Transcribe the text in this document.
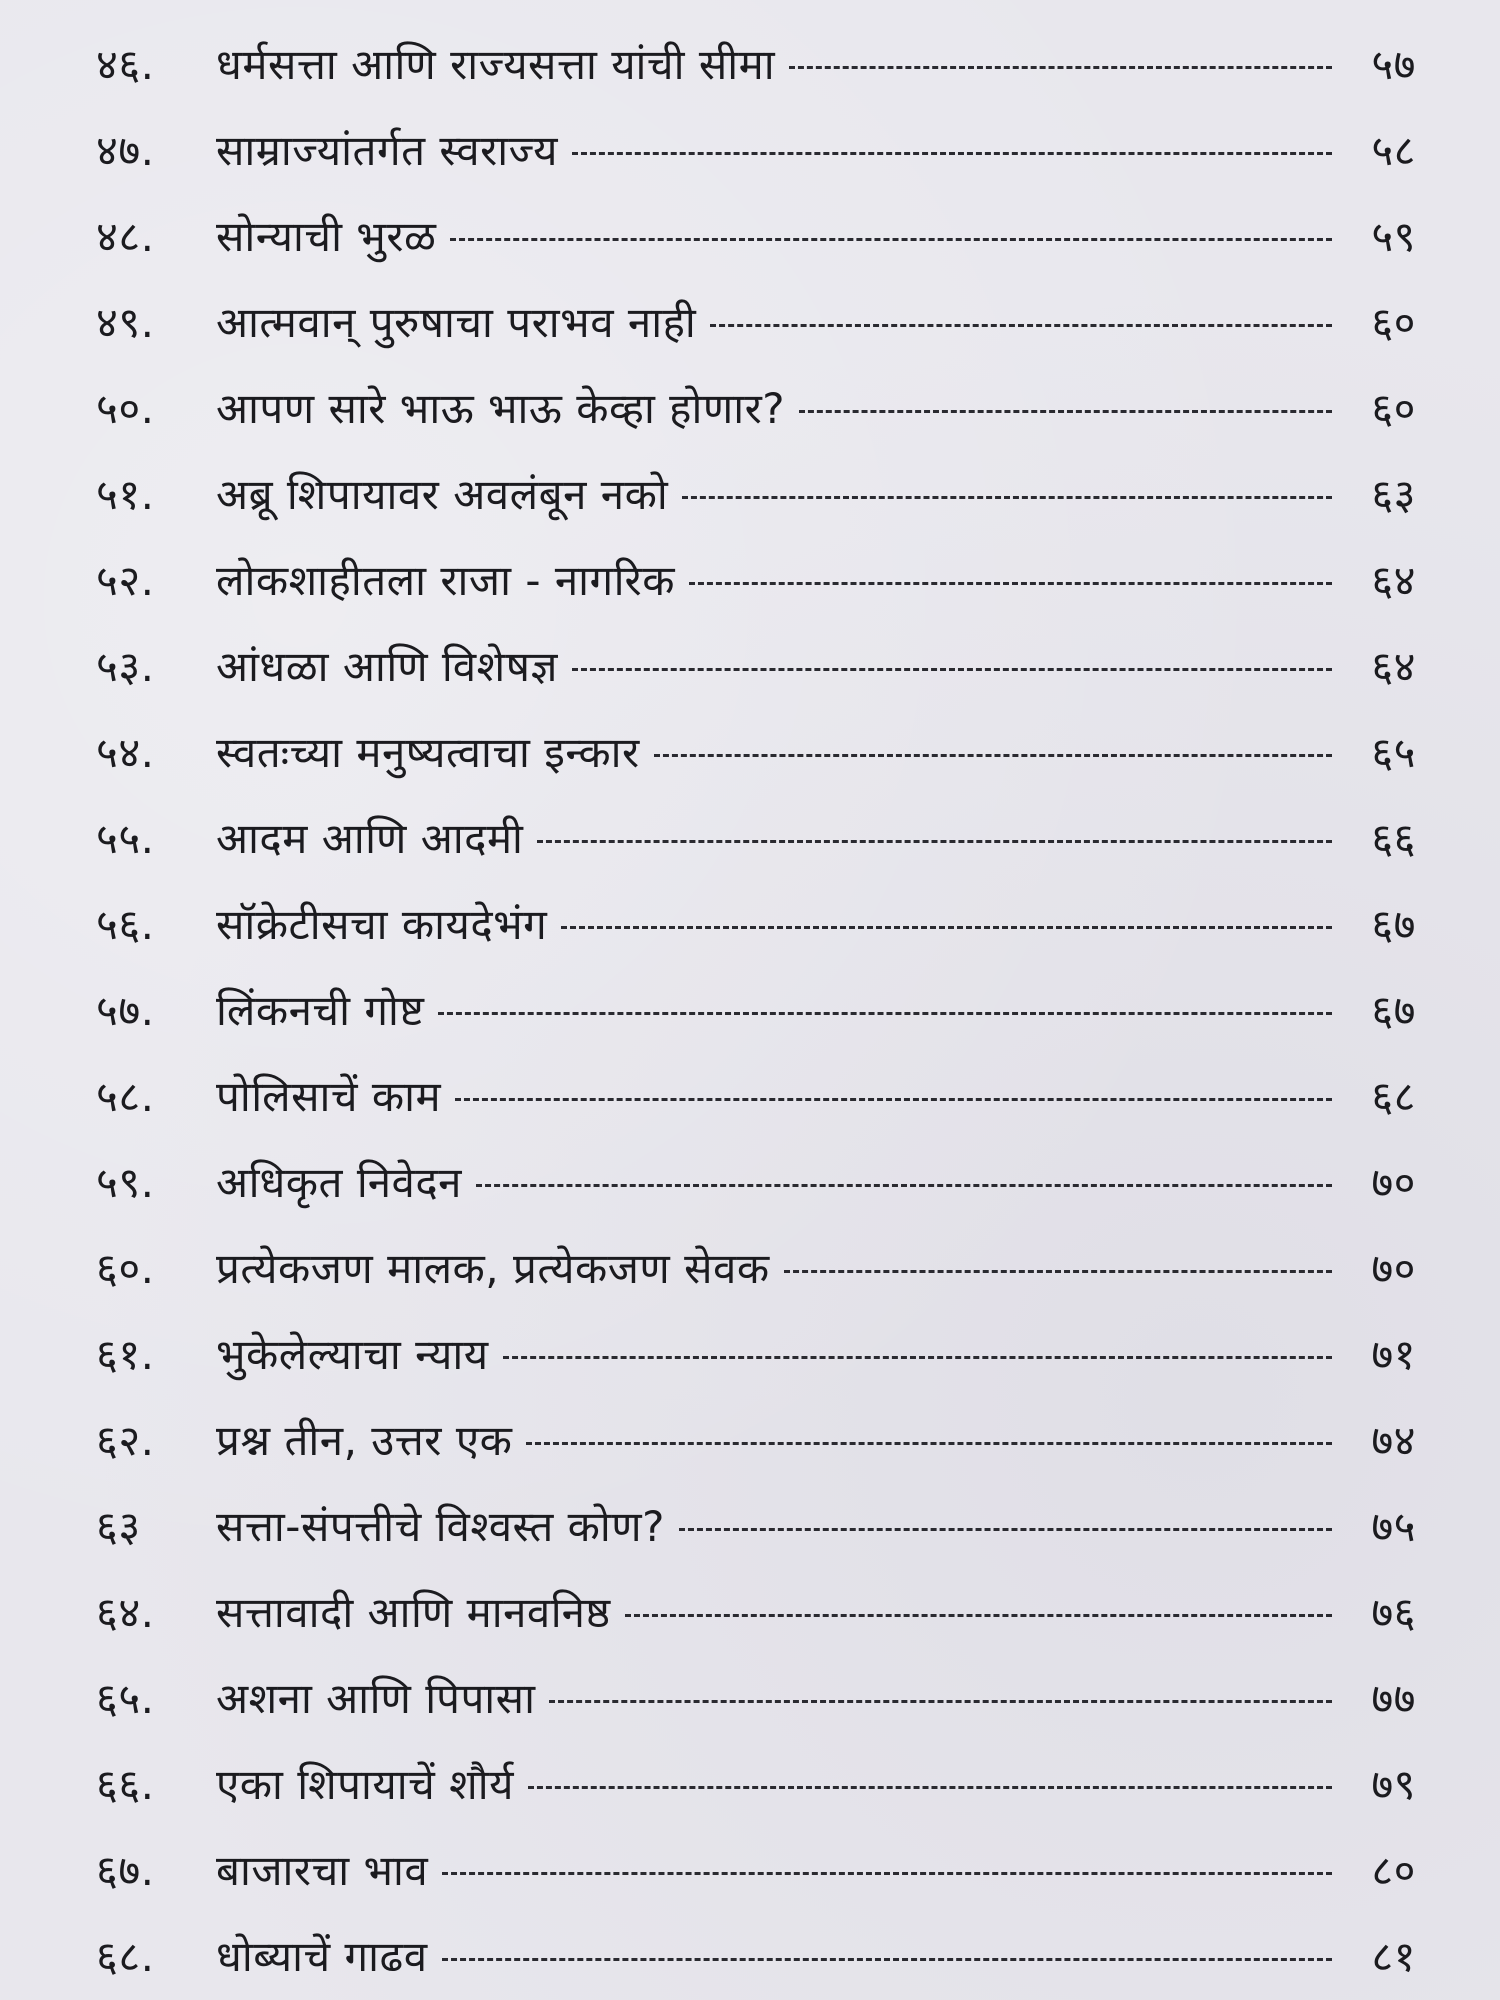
४६.	धर्मसत्ता आणि राज्यसत्ता यांची सीमा	५७
४७.	साम्राज्यांतर्गत स्वराज्य	५८
४८.	सोन्याची भुरळ	५९
४९.	आत्मवान् पुरुषाचा पराभव नाही	६०
५०.	आपण सारे भाऊ भाऊ केव्हा होणार?	६०
५१.	अब्रू शिपायावर अवलंबून नको	६३
५२.	लोकशाहीतला राजा - नागरिक	६४
५३.	आंधळा आणि विशेषज्ञ	६४
५४.	स्वतःच्या मनुष्यत्वाचा इन्कार	६५
५५.	आदम आणि आदमी	६६
५६.	सॉक्रेटीसचा कायदेभंग	६७
५७.	लिंकनची गोष्ट	६७
५८.	पोलिसाचें काम	६८
५९.	अधिकृत निवेदन	७०
६०.	प्रत्येकजण मालक, प्रत्येकजण सेवक	७०
६१.	भुकेलेल्याचा न्याय	७१
६२.	प्रश्न तीन, उत्तर एक	७४
६३	सत्ता-संपत्तीचे विश्वस्त कोण?	७५
६४.	सत्तावादी आणि मानवनिष्ठ	७६
६५.	अशना आणि पिपासा	७७
६६.	एका शिपायाचें शौर्य	७९
६७.	बाजारचा भाव	८०
६८.	धोब्याचें गाढव	८१
